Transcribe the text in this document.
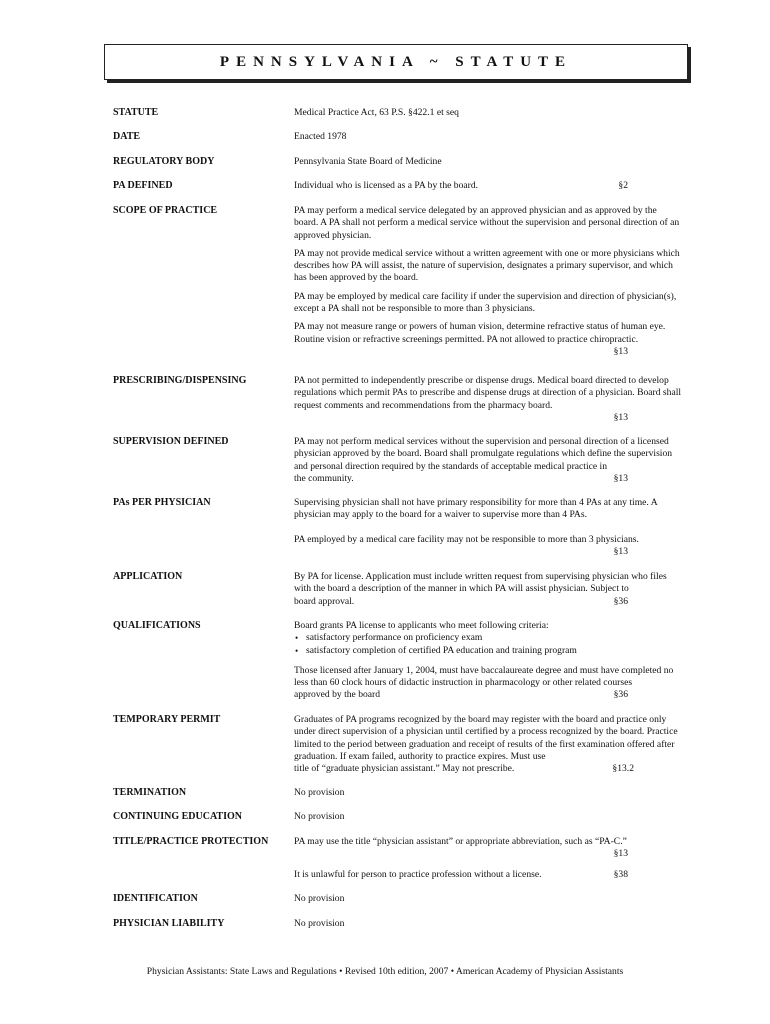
PENNSYLVANIA ~ STATUTE
STATUTE	Medical Practice Act, 63 P.S. §422.1 et seq
DATE	Enacted 1978
REGULATORY BODY	Pennsylvania State Board of Medicine
PA DEFINED	Individual who is licensed as a PA by the board.	§2
SCOPE OF PRACTICE	PA may perform a medical service delegated by an approved physician and as approved by the board. A PA shall not perform a medical service without the supervision and personal direction of an approved physician.

PA may not provide medical service without a written agreement with one or more physicians which describes how PA will assist, the nature of supervision, designates a primary supervisor, and which has been approved by the board.

PA may be employed by medical care facility if under the supervision and direction of physician(s), except a PA shall not be responsible to more than 3 physicians.

PA may not measure range or powers of human vision, determine refractive status of human eye. Routine vision or refractive screenings permitted. PA not allowed to practice chiropractic.

§13
PRESCRIBING/DISPENSING	PA not permitted to independently prescribe or dispense drugs. Medical board directed to develop regulations which permit PAs to prescribe and dispense drugs at direction of a physician. Board shall request comments and recommendations from the pharmacy board.
§13
SUPERVISION DEFINED	PA may not perform medical services without the supervision and personal direction of a licensed physician approved by the board. Board shall promulgate regulations which define the supervision and personal direction required by the standards of acceptable medical practice in
the community.	§13
PAs PER PHYSICIAN	Supervising physician shall not have primary responsibility for more than 4 PAs at any time. A physician may apply to the board for a waiver to supervise more than 4 PAs.

PA employed by a medical care facility may not be responsible to more than 3 physicians.
§13
APPLICATION	By PA for license. Application must include written request from supervising physician who files with the board a description of the manner in which PA will assist physician. Subject to
board approval.	§36
QUALIFICATIONS	Board grants PA license to applicants who meet following criteria:
• satisfactory performance on proficiency exam
• satisfactory completion of certified PA education and training program
Those licensed after January 1, 2004, must have baccalaureate degree and must have completed no less than 60 clock hours of didactic instruction in pharmacology or other related courses
approved by the board	§36
TEMPORARY PERMIT	Graduates of PA programs recognized by the board may register with the board and practice only under direct supervision of a physician until certified by a process recognized by the board. Practice limited to the period between graduation and receipt of results of the first examination offered after graduation. If exam failed, authority to practice expires. Must use
title of “graduate physician assistant.” May not prescribe.	§13.2
TERMINATION	No provision
CONTINUING EDUCATION	No provision
TITLE/PRACTICE PROTECTION	PA may use the title “physician assistant” or appropriate abbreviation, such as “PA-C.”
§13
It is unlawful for person to practice profession without a license.	§38
IDENTIFICATION	No provision
PHYSICIAN LIABILITY	No provision
Physician Assistants: State Laws and Regulations • Revised 10th edition, 2007 • American Academy of Physician Assistants
